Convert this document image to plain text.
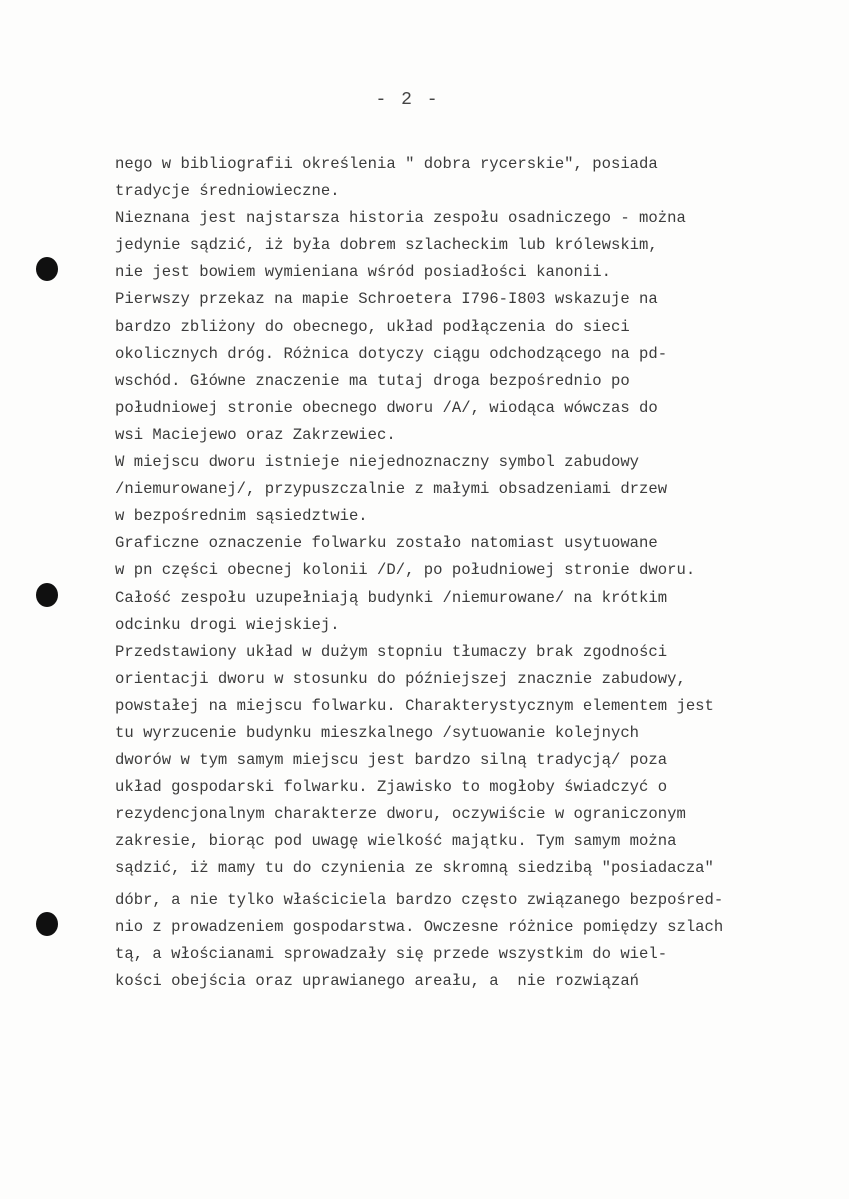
- 2 -
nego w bibliografii określenia " dobra rycerskie", posiada
tradycje średniowieczne.
Nieznana jest najstarsza historia zespołu osadniczego - można
jedynie sądzić, iż była dobrem szlacheckim lub królewskim,
nie jest bowiem wymieniana wśród posiadłości kanonii.
Pierwszy przekaz na mapie Schroetera I796-I803 wskazuje na
bardzo zbliżony do obecnego, układ podłączenia do sieci
okolicznych dróg. Różnica dotyczy ciągu odchodzącego na pd-
wschód. Główne znaczenie ma tutaj droga bezpośrednio po
południowej stronie obecnego dworu /A/, wiodąca wówczas do
wsi Maciejewo oraz Zakrzewiec.
W miejscu dworu istnieje niejednoznaczny symbol zabudowy
/niemurowanej/, przypuszczalnie z małymi obsadzeniami drzew
w bezpośrednim sąsiedztwie.
Graficzne oznaczenie folwarku zostało natomiast usytuowane
w pn części obecnej kolonii /D/, po południowej stronie dworu.
Całość zespołu uzupełniają budynki /niemurowane/ na krótkim
odcinku drogi wiejskiej.
Przedstawiony układ w dużym stopniu tłumaczy brak zgodności
orientacji dworu w stosunku do późniejszej znacznie zabudowy,
powstałej na miejscu folwarku. Charakterystycznym elementem jest
tu wyrzucenie budynku mieszkalnego /sytuowanie kolejnych
dworów w tym samym miejscu jest bardzo silną tradycją/ poza
układ gospodarski folwarku. Zjawisko to mogłoby świadczyć o
rezydencjonalnym charakterze dworu, oczywiście w ograniczonym
zakresie, biorąc pod uwagę wielkość majątku. Tym samym można
sądzić, iż mamy tu do czynienia ze skromną siedzibą "posiadacza"
dóbr, a nie tylko właściciela bardzo często związanego bezpośred-
nio z prowadzeniem gospodarstwa. Owczesne różnice pomiędzy szlach
tą, a włościanami sprowadzały się przede wszystkim do wiel-
kości obejścia oraz uprawianego areału, a  nie rozwiązań
